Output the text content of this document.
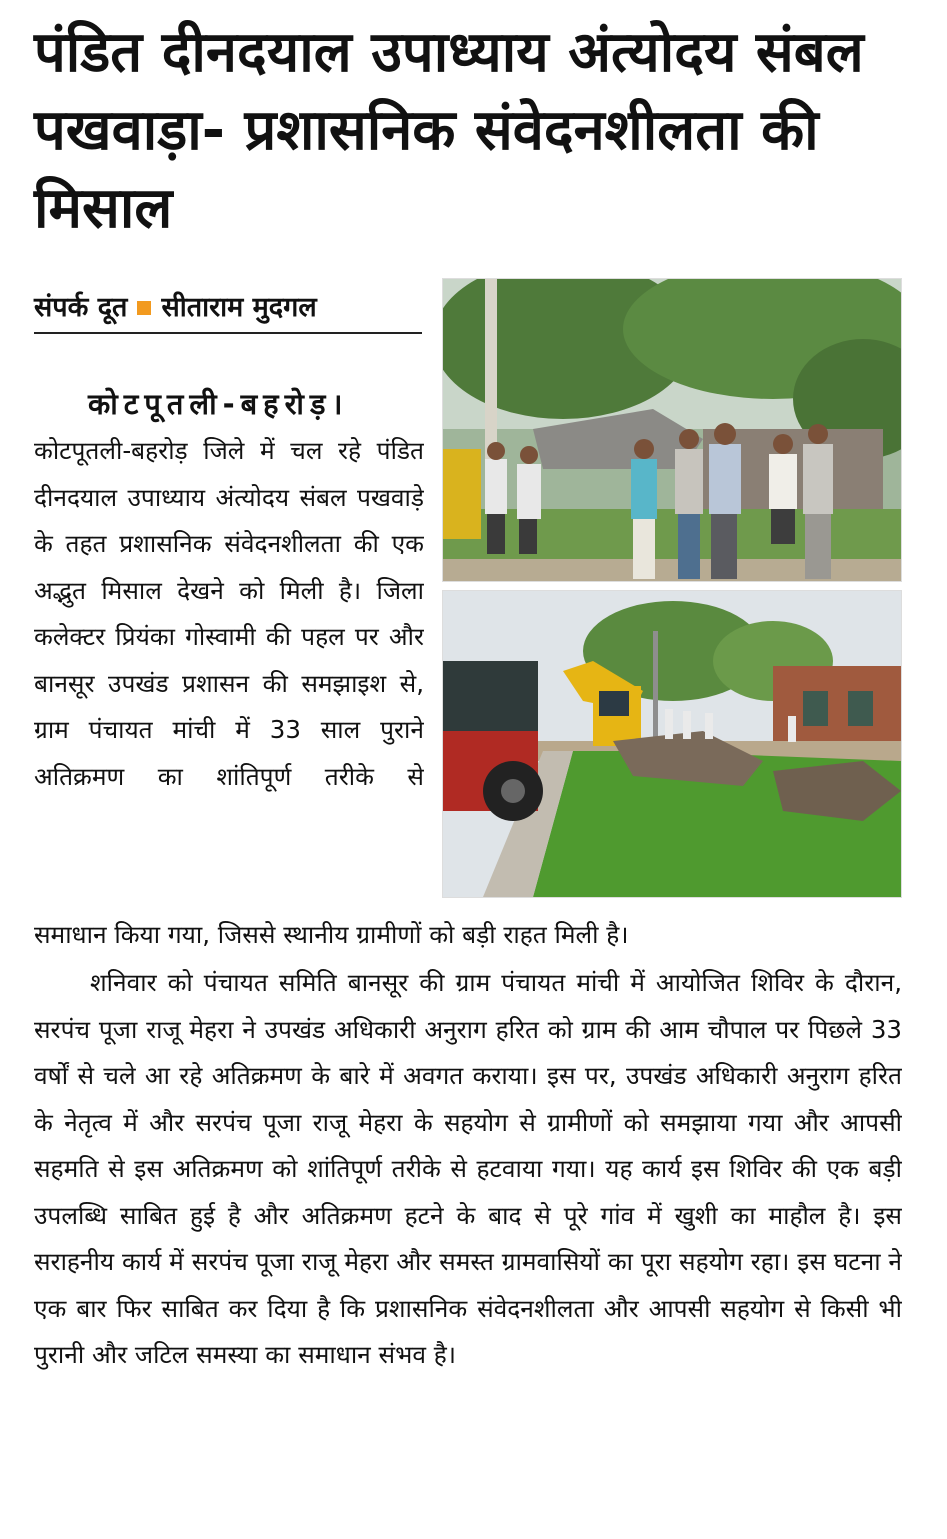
पंडित दीनदयाल उपाध्याय अंत्योदय संबल पखवाड़ा- प्रशासनिक संवेदनशीलता की मिसाल
संपर्क दूत सीताराम मुदगल
कोटपूतली-बहरोड़।

कोटपूतली-बहरोड़ जिले में चल रहे पंडित दीनदयाल उपाध्याय अंत्योदय संबल पखवाड़े के तहत प्रशासनिक संवेदनशीलता की एक अद्भुत मिसाल देखने को मिली है। जिला कलेक्टर प्रियंका गोस्वामी की पहल पर और बानसूर उपखंड प्रशासन की समझाइश से, ग्राम पंचायत मांची में 33 साल पुराने अतिक्रमण का शांतिपूर्ण तरीके से

समाधान किया गया, जिससे स्थानीय ग्रामीणों को बड़ी राहत मिली है।

शनिवार को पंचायत समिति बानसूर की ग्राम पंचायत मांची में आयोजित शिविर के दौरान, सरपंच पूजा राजू मेहरा ने उपखंड अधिकारी अनुराग हरित को ग्राम की आम चौपाल पर पिछले 33 वर्षों से चले आ रहे अतिक्रमण के बारे में अवगत कराया। इस पर, उपखंड अधिकारी अनुराग हरित के नेतृत्व में और सरपंच पूजा राजू मेहरा के सहयोग से ग्रामीणों को समझाया गया और आपसी सहमति से इस अतिक्रमण को शांतिपूर्ण तरीके से हटवाया गया। यह कार्य इस शिविर की एक बड़ी उपलब्धि साबित हुई है और अतिक्रमण हटने के बाद से पूरे गांव में खुशी का माहौल है। इस सराहनीय कार्य में सरपंच पूजा राजू मेहरा और समस्त ग्रामवासियों का पूरा सहयोग रहा। इस घटना ने एक बार फिर साबित कर दिया है कि प्रशासनिक संवेदनशीलता और आपसी सहयोग से किसी भी पुरानी और जटिल समस्या का समाधान संभव है।
